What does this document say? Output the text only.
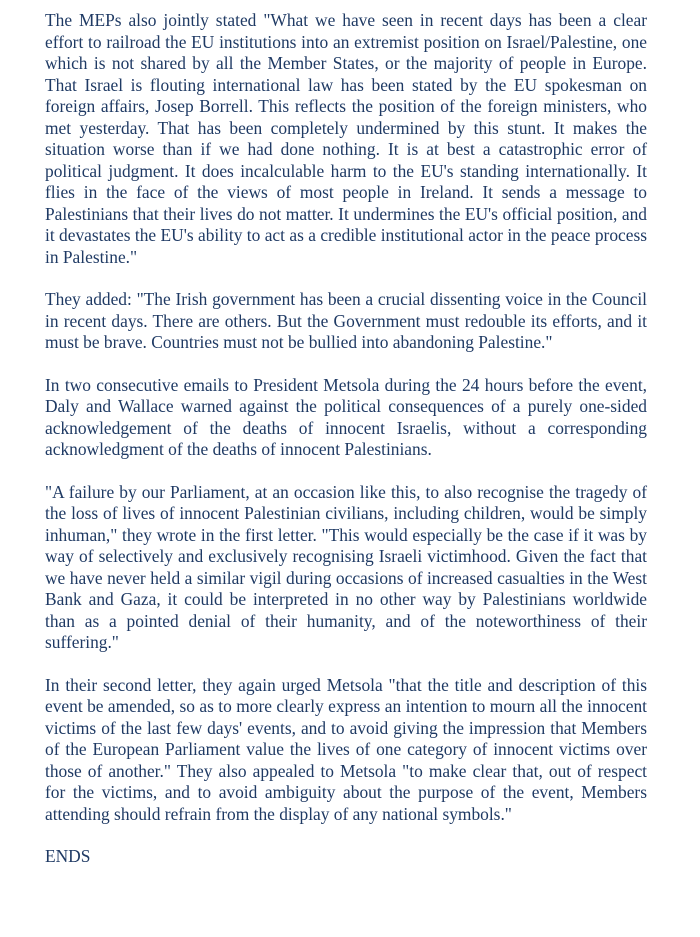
The MEPs also jointly stated "What we have seen in recent days has been a clear effort to railroad the EU institutions into an extremist position on Israel/Palestine, one which is not shared by all the Member States, or the majority of people in Europe. That Israel is flouting international law has been stated by the EU spokesman on foreign affairs, Josep Borrell. This reflects the position of the foreign ministers, who met yesterday. That has been completely undermined by this stunt. It makes the situation worse than if we had done nothing. It is at best a catastrophic error of political judgment. It does incalculable harm to the EU's standing internationally. It flies in the face of the views of most people in Ireland. It sends a message to Palestinians that their lives do not matter. It undermines the EU's official position, and it devastates the EU's ability to act as a credible institutional actor in the peace process in Palestine."

They added: "The Irish government has been a crucial dissenting voice in the Council in recent days. There are others. But the Government must redouble its efforts, and it must be brave. Countries must not be bullied into abandoning Palestine."

In two consecutive emails to President Metsola during the 24 hours before the event, Daly and Wallace warned against the political consequences of a purely one-sided acknowledgement of the deaths of innocent Israelis, without a corresponding acknowledgment of the deaths of innocent Palestinians.

"A failure by our Parliament, at an occasion like this, to also recognise the tragedy of the loss of lives of innocent Palestinian civilians, including children, would be simply inhuman," they wrote in the first letter. "This would especially be the case if it was by way of selectively and exclusively recognising Israeli victimhood. Given the fact that we have never held a similar vigil during occasions of increased casualties in the West Bank and Gaza, it could be interpreted in no other way by Palestinians worldwide than as a pointed denial of their humanity, and of the noteworthiness of their suffering."

In their second letter, they again urged Metsola "that the title and description of this event be amended, so as to more clearly express an intention to mourn all the innocent victims of the last few days' events, and to avoid giving the impression that Members of the European Parliament value the lives of one category of innocent victims over those of another." They also appealed to Metsola "to make clear that, out of respect for the victims, and to avoid ambiguity about the purpose of the event, Members attending should refrain from the display of any national symbols."

ENDS
